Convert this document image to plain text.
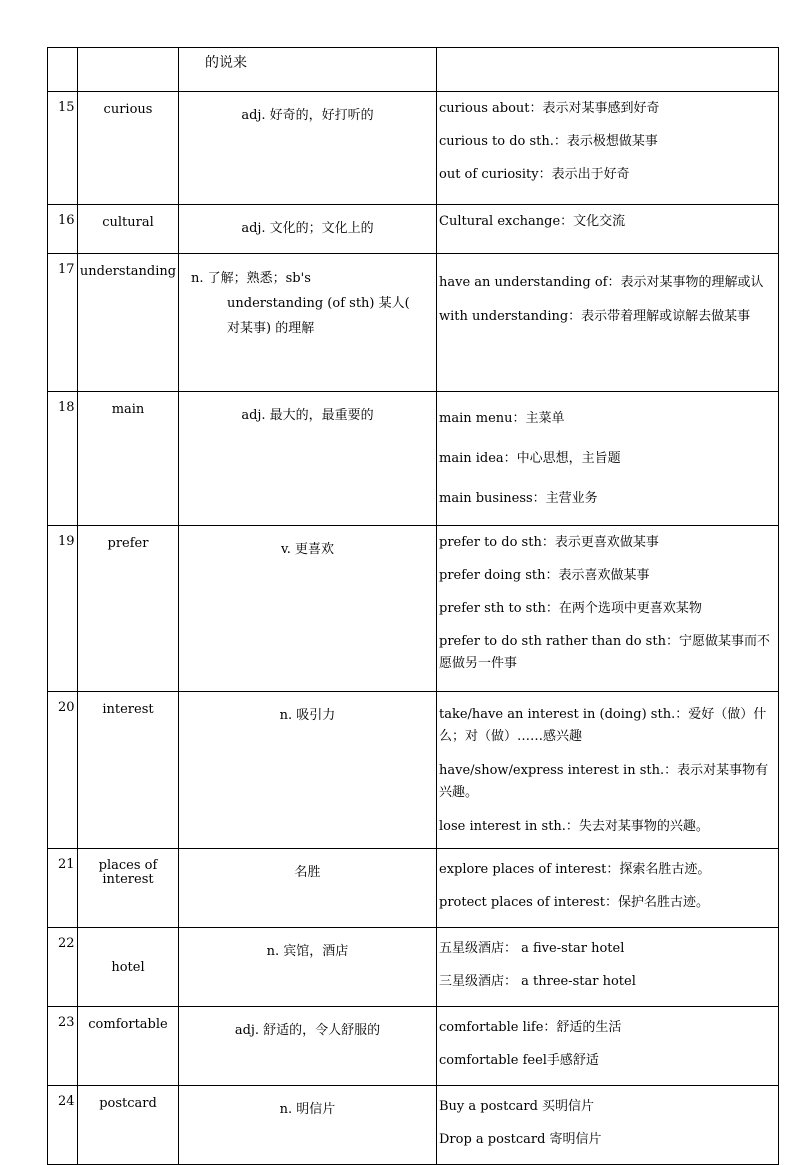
		的说来	

15	curious	adj. 好奇的，好打听的	curious about：表示对某事感到好奇
curious to do sth.：表示极想做某事
out of curiosity：表示出于好奇

16	cultural	adj. 文化的；文化上的	Cultural exchange：文化交流

17	understanding	n. 了解；熟悉；sb's
understanding (of sth) 某人(
对某事) 的理解	have an understanding of：表示对某事物的理解或认
with understanding：表示带着理解或谅解去做某事

18	main	adj. 最大的，最重要的	main menu：主菜单
main idea：中心思想，主旨题
main business：主营业务

19	prefer	v. 更喜欢	prefer to do sth：表示更喜欢做某事
prefer doing sth：表示喜欢做某事
prefer sth to sth：在两个选项中更喜欢某物
prefer to do sth rather than do sth：宁愿做某事而不愿做另一件事

20	interest	n. 吸引力	take/have an interest in (doing) sth.：爱好（做）什么；对（做）……感兴趣
have/show/express interest in sth.：表示对某事物有兴趣。
lose interest in sth.：失去对某事物的兴趣。

21	places of interest	名胜	explore places of interest：探索名胜古迹。
protect places of interest：保护名胜古迹。

22	hotel	n. 宾馆，酒店	五星级酒店： a five-star hotel
三星级酒店： a three-star hotel

23	comfortable	adj. 舒适的，令人舒服的	comfortable life：舒适的生活
comfortable feel手感舒适

24	postcard	n. 明信片	Buy a postcard 买明信片
Drop a postcard 寄明信片
